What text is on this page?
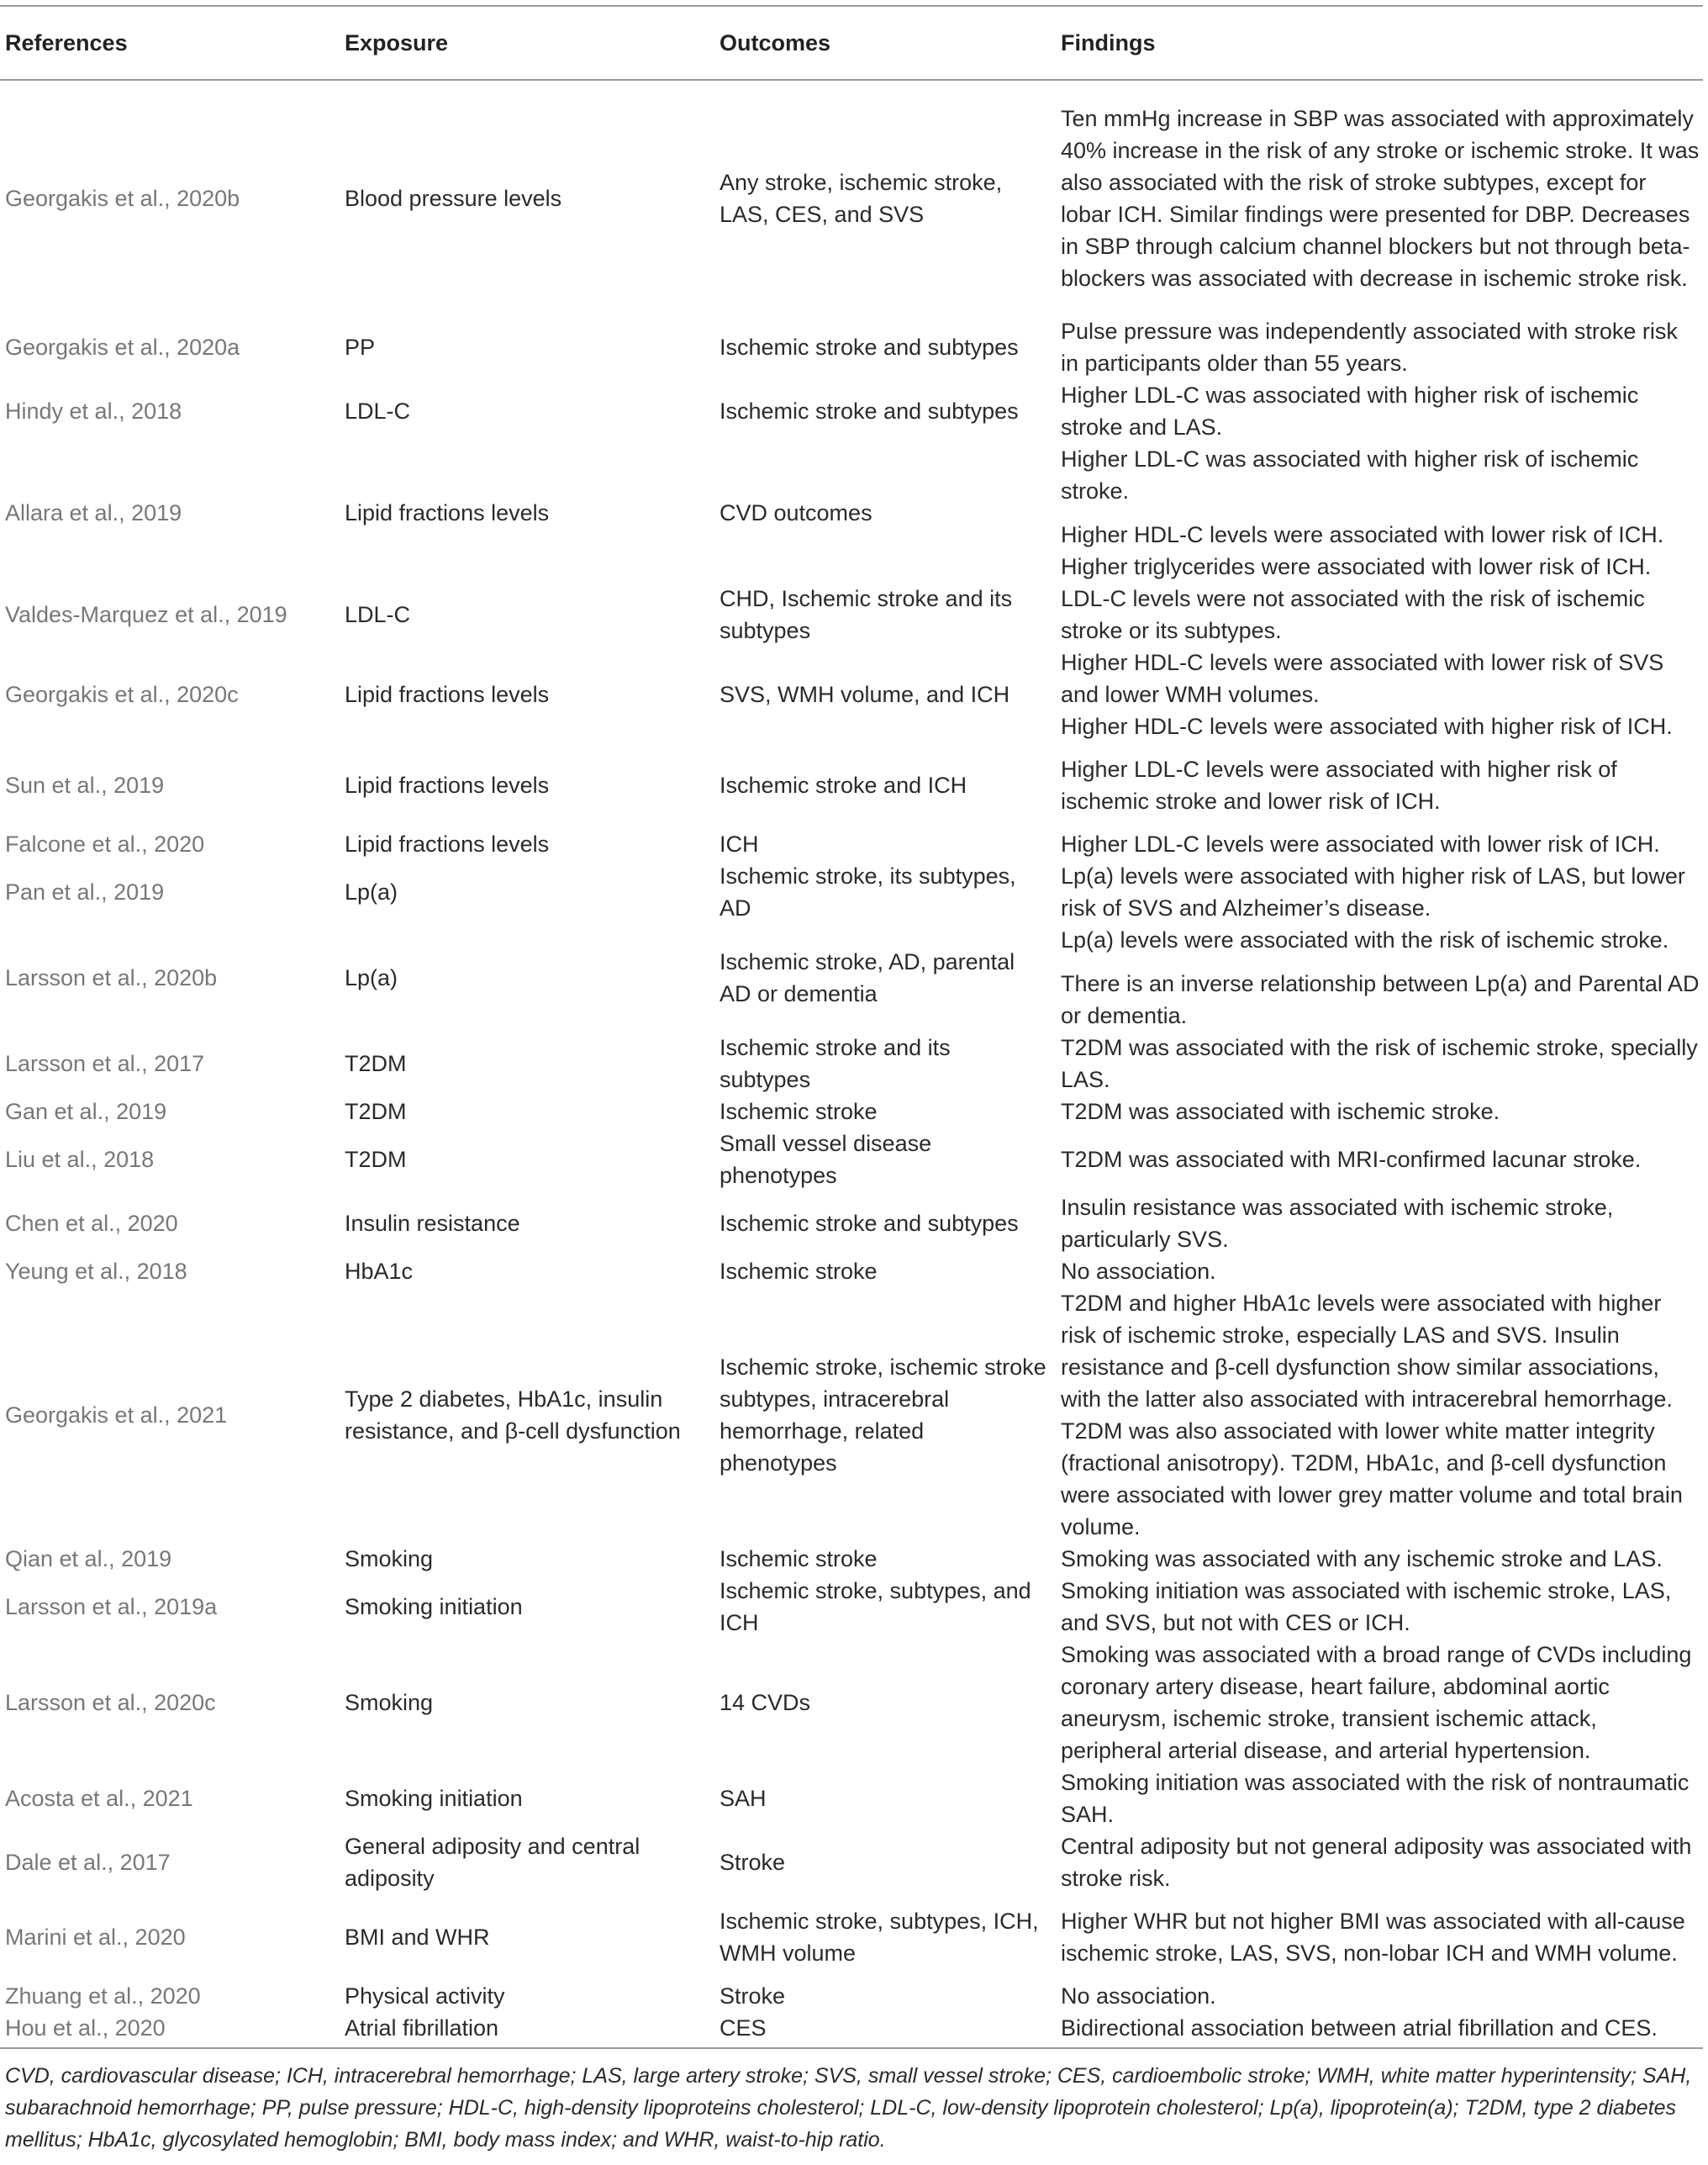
References	Exposure	Outcomes	Findings
Georgakis et al., 2020b	Blood pressure levels	Any stroke, ischemic stroke, LAS, CES, and SVS	Ten mmHg increase in SBP was associated with approximately 40% increase in the risk of any stroke or ischemic stroke. It was also associated with the risk of stroke subtypes, except for lobar ICH. Similar findings were presented for DBP. Decreases in SBP through calcium channel blockers but not through beta-blockers was associated with decrease in ischemic stroke risk.

Georgakis et al., 2020a	PP	Ischemic stroke and subtypes	Pulse pressure was independently associated with stroke risk in participants older than 55 years.

Hindy et al., 2018	LDL-C	Ischemic stroke and subtypes	Higher LDL-C was associated with higher risk of ischemic stroke and LAS.

Allara et al., 2019	Lipid fractions levels	CVD outcomes	Higher LDL-C was associated with higher risk of ischemic stroke.
Higher HDL-C levels were associated with lower risk of ICH.
Higher triglycerides were associated with lower risk of ICH.

Valdes-Marquez et al., 2019	LDL-C	CHD, Ischemic stroke and its subtypes	LDL-C levels were not associated with the risk of ischemic stroke or its subtypes.

Georgakis et al., 2020c	Lipid fractions levels	SVS, WMH volume, and ICH	Higher HDL-C levels were associated with lower risk of SVS and lower WMH volumes.
Higher HDL-C levels were associated with higher risk of ICH.

Sun et al., 2019	Lipid fractions levels	Ischemic stroke and ICH	Higher LDL-C levels were associated with higher risk of ischemic stroke and lower risk of ICH.

Falcone et al., 2020	Lipid fractions levels	ICH	Higher LDL-C levels were associated with lower risk of ICH.

Pan et al., 2019	Lp(a)	Ischemic stroke, its subtypes, AD	Lp(a) levels were associated with higher risk of LAS, but lower risk of SVS and Alzheimer’s disease.

Larsson et al., 2020b	Lp(a)	Ischemic stroke, AD, parental AD or dementia	Lp(a) levels were associated with the risk of ischemic stroke.
There is an inverse relationship between Lp(a) and Parental AD or dementia.

Larsson et al., 2017	T2DM	Ischemic stroke and its subtypes	T2DM was associated with the risk of ischemic stroke, specially LAS.

Gan et al., 2019	T2DM	Ischemic stroke	T2DM was associated with ischemic stroke.

Liu et al., 2018	T2DM	Small vessel disease phenotypes	T2DM was associated with MRI-confirmed lacunar stroke.

Chen et al., 2020	Insulin resistance	Ischemic stroke and subtypes	Insulin resistance was associated with ischemic stroke, particularly SVS.

Yeung et al., 2018	HbA1c	Ischemic stroke	No association.

Georgakis et al., 2021	Type 2 diabetes, HbA1c, insulin resistance, and β-cell dysfunction	Ischemic stroke, ischemic stroke subtypes, intracerebral hemorrhage, related phenotypes	T2DM and higher HbA1c levels were associated with higher risk of ischemic stroke, especially LAS and SVS. Insulin resistance and β-cell dysfunction show similar associations, with the latter also associated with intracerebral hemorrhage. T2DM was also associated with lower white matter integrity (fractional anisotropy). T2DM, HbA1c, and β-cell dysfunction were associated with lower grey matter volume and total brain volume.

Qian et al., 2019	Smoking	Ischemic stroke	Smoking was associated with any ischemic stroke and LAS.

Larsson et al., 2019a	Smoking initiation	Ischemic stroke, subtypes, and ICH	Smoking initiation was associated with ischemic stroke, LAS, and SVS, but not with CES or ICH.

Larsson et al., 2020c	Smoking	14 CVDs	Smoking was associated with a broad range of CVDs including coronary artery disease, heart failure, abdominal aortic aneurysm, ischemic stroke, transient ischemic attack, peripheral arterial disease, and arterial hypertension.

Acosta et al., 2021	Smoking initiation	SAH	Smoking initiation was associated with the risk of nontraumatic SAH.

Dale et al., 2017	General adiposity and central adiposity	Stroke	Central adiposity but not general adiposity was associated with stroke risk.

Marini et al., 2020	BMI and WHR	Ischemic stroke, subtypes, ICH, WMH volume	Higher WHR but not higher BMI was associated with all-cause ischemic stroke, LAS, SVS, non-lobar ICH and WMH volume.

Zhuang et al., 2020	Physical activity	Stroke	No association.

Hou et al., 2020	Atrial fibrillation	CES	Bidirectional association between atrial fibrillation and CES.
CVD, cardiovascular disease; ICH, intracerebral hemorrhage; LAS, large artery stroke; SVS, small vessel stroke; CES, cardioembolic stroke; WMH, white matter hyperintensity; SAH, subarachnoid hemorrhage; PP, pulse pressure; HDL-C, high-density lipoproteins cholesterol; LDL-C, low-density lipoprotein cholesterol; Lp(a), lipoprotein(a); T2DM, type 2 diabetes mellitus; HbA1c, glycosylated hemoglobin; BMI, body mass index; and WHR, waist-to-hip ratio.
